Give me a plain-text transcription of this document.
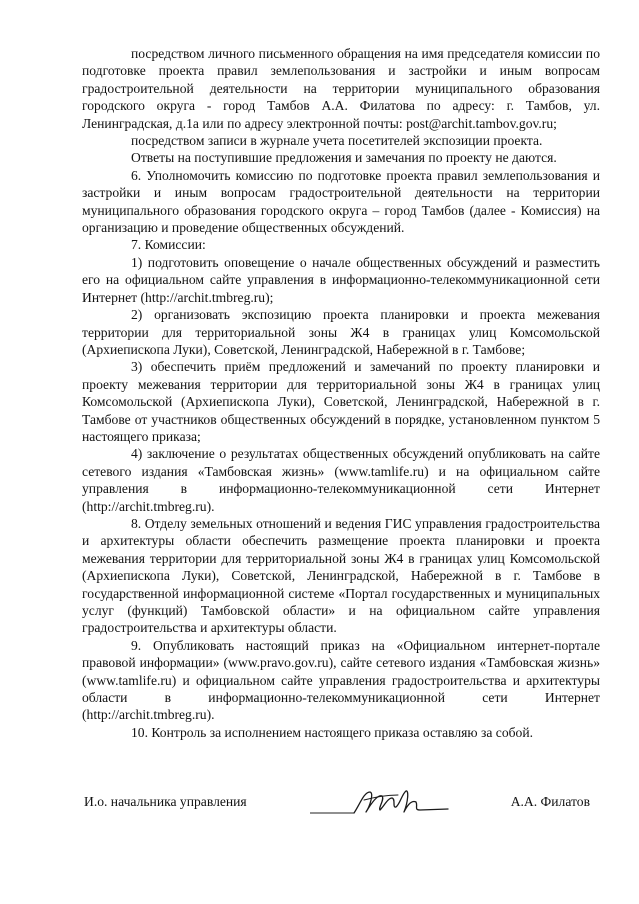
посредством личного письменного обращения на имя председателя комиссии по подготовке проекта правил землепользования и застройки и иным вопросам градостроительной деятельности на территории муниципального образования городского округа - город Тамбов А.А. Филатова по адресу: г. Тамбов, ул. Ленинградская, д.1а или по адресу электронной почты: post@archit.tambov.gov.ru;

посредством записи в журнале учета посетителей экспозиции проекта.

Ответы на поступившие предложения и замечания по проекту не даются.

6. Уполномочить комиссию по подготовке проекта правил землепользования и застройки и иным вопросам градостроительной деятельности на территории муниципального образования городского округа – город Тамбов (далее - Комиссия) на организацию и проведение общественных обсуждений.

7. Комиссии:

1) подготовить оповещение о начале общественных обсуждений и разместить его на официальном сайте управления в информационно-телекоммуникационной сети Интернет (http://archit.tmbreg.ru);

2) организовать экспозицию проекта планировки и проекта межевания территории для территориальной зоны Ж4 в границах улиц Комсомольской (Архиепископа Луки), Советской, Ленинградской, Набережной в г. Тамбове;

3) обеспечить приём предложений и замечаний по проекту планировки и проекту межевания территории для территориальной зоны Ж4 в границах улиц Комсомольской (Архиепископа Луки), Советской, Ленинградской, Набережной в г. Тамбове от участников общественных обсуждений в порядке, установленном пунктом 5 настоящего приказа;

4) заключение о результатах общественных обсуждений опубликовать на сайте сетевого издания «Тамбовская жизнь» (www.tamlife.ru) и на официальном сайте управления в информационно-телекоммуникационной сети Интернет (http://archit.tmbreg.ru).

8. Отделу земельных отношений и ведения ГИС управления градостроительства и архитектуры области обеспечить размещение проекта планировки и проекта межевания территории для территориальной зоны Ж4 в границах улиц Комсомольской (Архиепископа Луки), Советской, Ленинградской, Набережной в г. Тамбове в государственной информационной системе «Портал государственных и муниципальных услуг (функций) Тамбовской области» и на официальном сайте управления градостроительства и архитектуры области.

9. Опубликовать настоящий приказ на «Официальном интернет-портале правовой информации» (www.pravo.gov.ru), сайте сетевого издания «Тамбовская жизнь» (www.tamlife.ru) и официальном сайте управления градостроительства и архитектуры области в информационно-телекоммуникационной сети Интернет (http://archit.tmbreg.ru).

10. Контроль за исполнением настоящего приказа оставляю за собой.

И.о. начальника управления	А.А. Филатов
